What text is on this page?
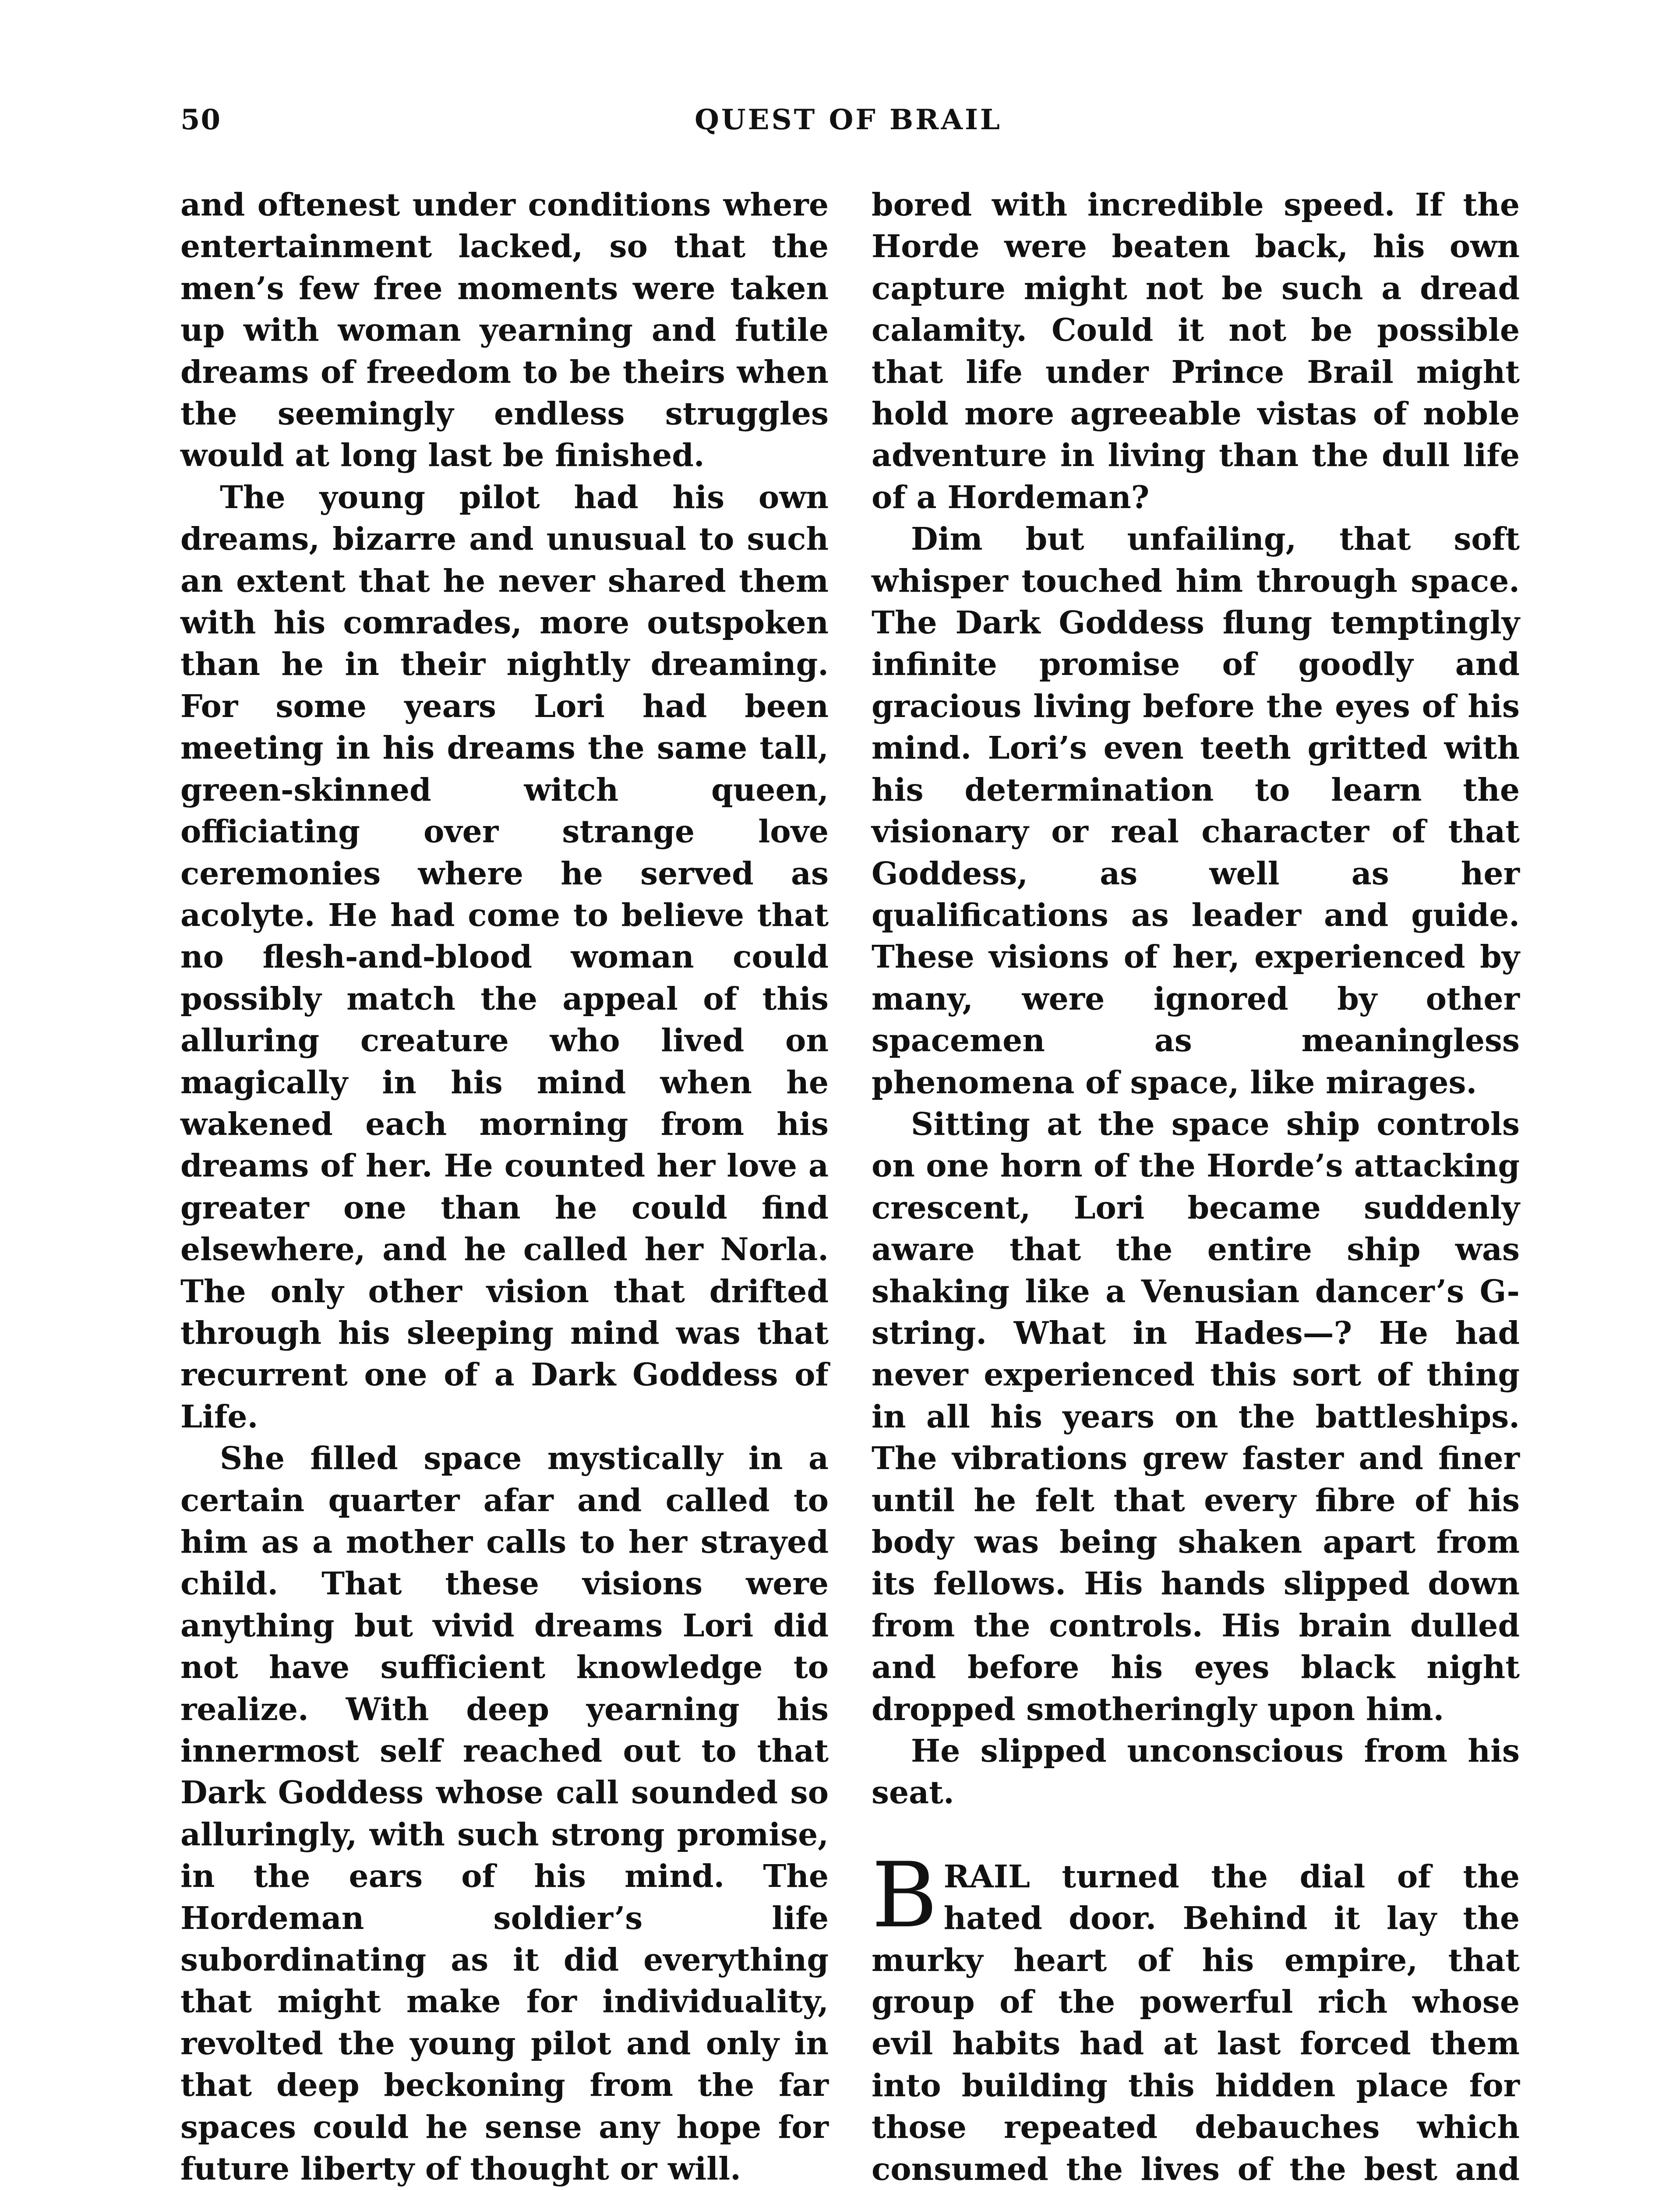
50	QUEST OF BRAIL

and oftenest under conditions where entertainment lacked, so that the men’s few free moments were taken up with woman yearning and futile dreams of freedom to be theirs when the seemingly endless struggles would at long last be finished.

The young pilot had his own dreams, bizarre and unusual to such an extent that he never shared them with his comrades, more outspoken than he in their nightly dreaming. For some years Lori had been meeting in his dreams the same tall, green-skinned witch queen, officiating over strange love ceremonies where he served as acolyte. He had come to believe that no flesh-and-blood woman could possibly match the appeal of this alluring creature who lived on magically in his mind when he wakened each morning from his dreams of her. He counted her love a greater one than he could find elsewhere, and he called her Norla. The only other vision that drifted through his sleeping mind was that recurrent one of a Dark Goddess of Life.

She filled space mystically in a certain quarter afar and called to him as a mother calls to her strayed child. That these visions were anything but vivid dreams Lori did not have sufficient knowledge to realize. With deep yearning his innermost self reached out to that Dark Goddess whose call sounded so alluringly, with such strong promise, in the ears of his mind. The Hordeman soldier’s life subordinating as it did everything that might make for individuality, revolted the young pilot and only in that deep beckoning from the far spaces could he sense any hope for future liberty of thought or will.

bored with incredible speed. If the Horde were beaten back, his own capture might not be such a dread calamity. Could it not be possible that life under Prince Brail might hold more agreeable vistas of noble adventure in living than the dull life of a Hordeman?

Dim but unfailing, that soft whisper touched him through space. The Dark Goddess flung temptingly infinite promise of goodly and gracious living before the eyes of his mind. Lori’s even teeth gritted with his determination to learn the visionary or real character of that Goddess, as well as her qualifications as leader and guide. These visions of her, experienced by many, were ignored by other spacemen as meaningless phenomena of space, like mirages.

Sitting at the space ship controls on one horn of the Horde’s attacking crescent, Lori became suddenly aware that the entire ship was shaking like a Venusian dancer’s G-string. What in Hades—? He had never experienced this sort of thing in all his years on the battleships. The vibrations grew faster and finer until he felt that every fibre of his body was being shaken apart from its fellows. His hands slipped down from the controls. His brain dulled and before his eyes black night dropped smotheringly upon him.

He slipped unconscious from his seat.

BRAIL turned the dial of the hated door. Behind it lay the murky heart of his empire, that group of the powerful rich whose evil habits had at last forced them into building this hidden place for those repeated debauches which consumed the lives of the best and
